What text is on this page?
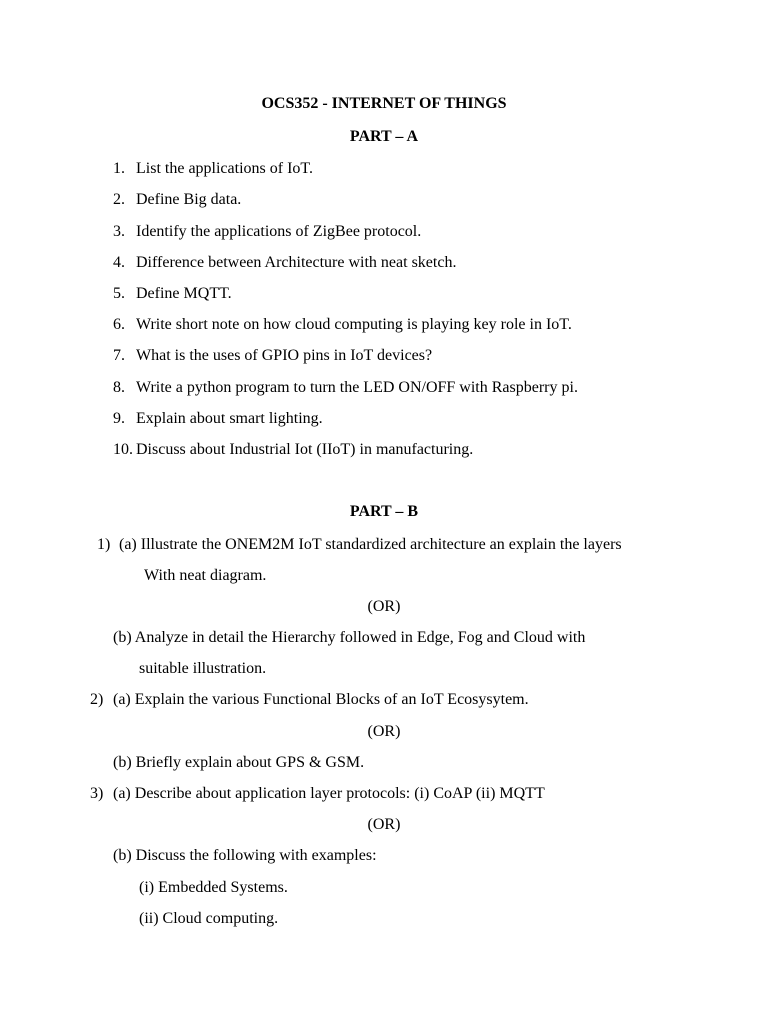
OCS352 - INTERNET OF THINGS
PART – A
1. List the applications of IoT.
2. Define Big data.
3. Identify the applications of ZigBee protocol.
4. Difference between Architecture with neat sketch.
5. Define MQTT.
6. Write short note on how cloud computing is playing key role in IoT.
7. What is the uses of GPIO pins in IoT devices?
8. Write a python program to turn the LED ON/OFF with Raspberry pi.
9. Explain about smart lighting.
10. Discuss about Industrial Iot (IIoT) in manufacturing.
PART – B
1) (a) Illustrate the ONEM2M IoT standardized architecture an explain the layers
With neat diagram.
(OR)
(b) Analyze in detail the Hierarchy followed in Edge, Fog and Cloud with
suitable illustration.
2) (a) Explain the various Functional Blocks of an IoT Ecosysytem.
(OR)
(b) Briefly explain about GPS & GSM.
3) (a) Describe about application layer protocols: (i) CoAP (ii) MQTT
(OR)
(b) Discuss the following with examples:
(i) Embedded Systems.
(ii) Cloud computing.
